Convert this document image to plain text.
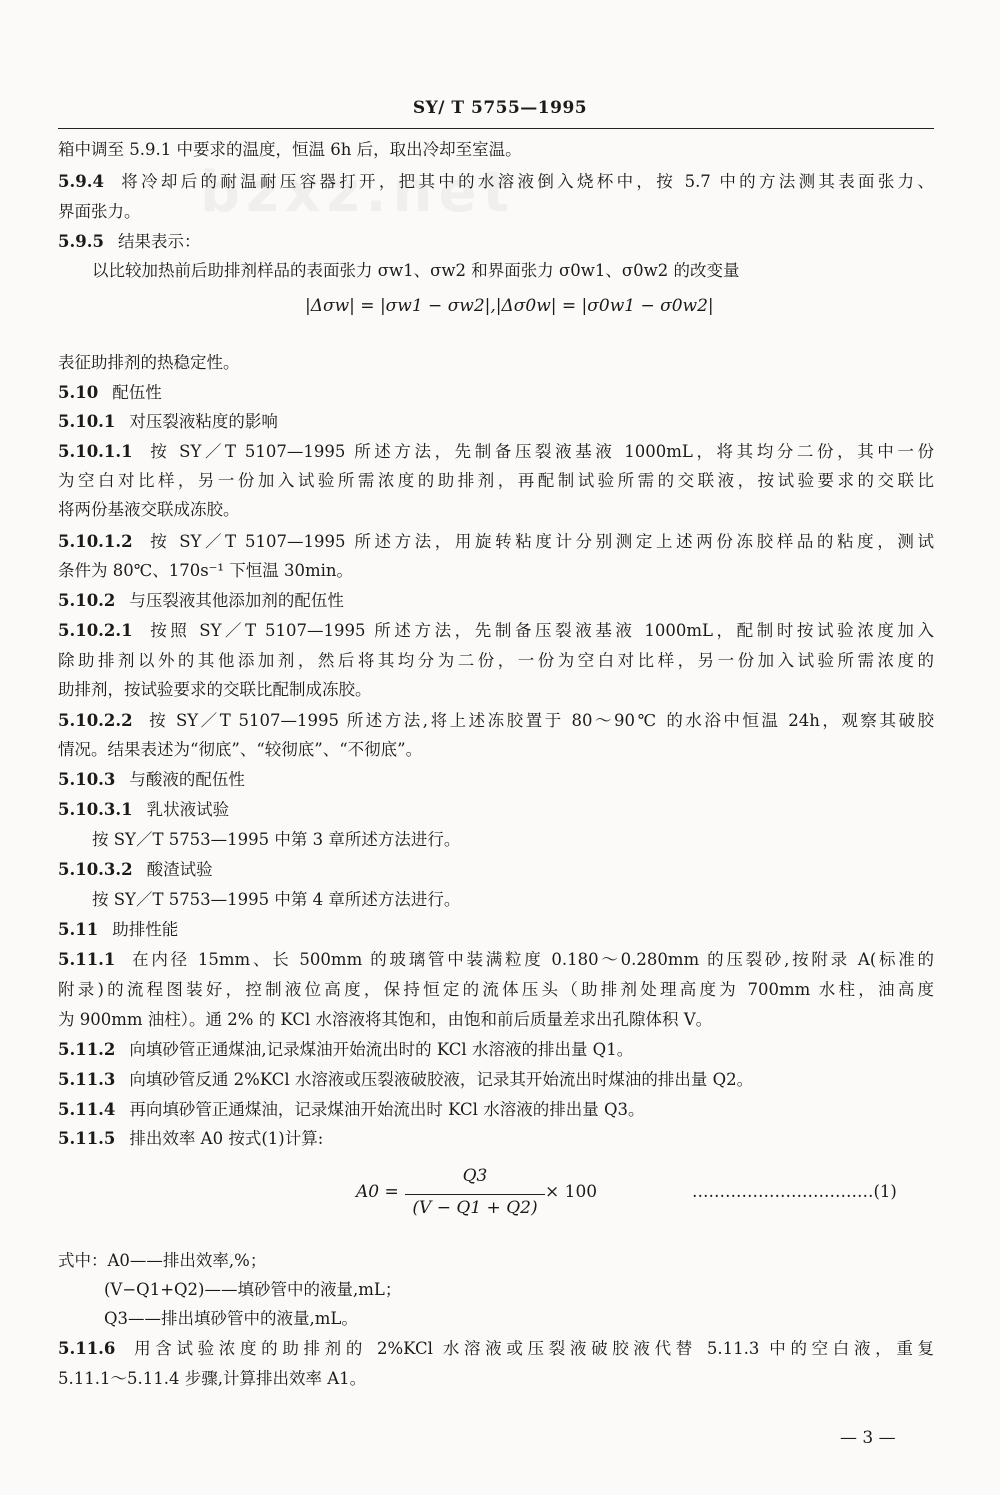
SY/ T 5755—1995
箱中调至 5.9.1 中要求的温度，恒温 6h 后，取出冷却至室温。
5.9.4 将冷却后的耐温耐压容器打开，把其中的水溶液倒入烧杯中，按 5.7 中的方法测其表面张力、
界面张力。
5.9.5 结果表示：
以比较加热前后助排剂样品的表面张力 σw1、σw2 和界面张力 σ0w1、σ0w2 的改变量
|Δσw| = |σw1 − σw2|,|Δσ0w| = |σ0w1 − σ0w2|
表征助排剂的热稳定性。
5.10 配伍性
5.10.1 对压裂液粘度的影响
5.10.1.1 按 SY／T 5107—1995 所述方法，先制备压裂液基液 1000mL，将其均分二份，其中一份
为空白对比样，另一份加入试验所需浓度的助排剂，再配制试验所需的交联液，按试验要求的交联比
将两份基液交联成冻胶。
5.10.1.2 按 SY／T 5107—1995 所述方法，用旋转粘度计分别测定上述两份冻胶样品的粘度，测试
条件为 80℃、170s⁻¹ 下恒温 30min。
5.10.2 与压裂液其他添加剂的配伍性
5.10.2.1 按照 SY／T 5107—1995 所述方法，先制备压裂液基液 1000mL，配制时按试验浓度加入
除助排剂以外的其他添加剂，然后将其均分为二份，一份为空白对比样，另一份加入试验所需浓度的
助排剂，按试验要求的交联比配制成冻胶。
5.10.2.2 按 SY／T 5107—1995 所述方法,将上述冻胶置于 80～90℃ 的水浴中恒温 24h，观察其破胶
情况。结果表述为“彻底”、“较彻底”、“不彻底”。
5.10.3 与酸液的配伍性
5.10.3.1 乳状液试验
按 SY／T 5753—1995 中第 3 章所述方法进行。
5.10.3.2 酸渣试验
按 SY／T 5753—1995 中第 4 章所述方法进行。
5.11 助排性能
5.11.1 在内径 15mm、长 500mm 的玻璃管中装满粒度 0.180～0.280mm 的压裂砂,按附录 A(标准的
附录)的流程图装好，控制液位高度，保持恒定的流体压头（助排剂处理高度为 700mm 水柱，油高度
为 900mm 油柱）。通 2% 的 KCl 水溶液将其饱和，由饱和前后质量差求出孔隙体积 V。
5.11.2 向填砂管正通煤油,记录煤油开始流出时的 KCl 水溶液的排出量 Q1。
5.11.3 向填砂管反通 2%KCl 水溶液或压裂液破胶液，记录其开始流出时煤油的排出量 Q2。
5.11.4 再向填砂管正通煤油，记录煤油开始流出时 KCl 水溶液的排出量 Q3。
5.11.5 排出效率 A0 按式(1)计算:
A0 =
Q3
(V − Q1 + Q2)
× 100	……………………………(1)
式中：A0——排出效率,%；
(V−Q1+Q2)——填砂管中的液量,mL；
Q3——排出填砂管中的液量,mL。
5.11.6 用含试验浓度的助排剂的 2%KCl 水溶液或压裂液破胶液代替 5.11.3 中的空白液，重复
5.11.1～5.11.4 步骤,计算排出效率 A1。
— 3 —
